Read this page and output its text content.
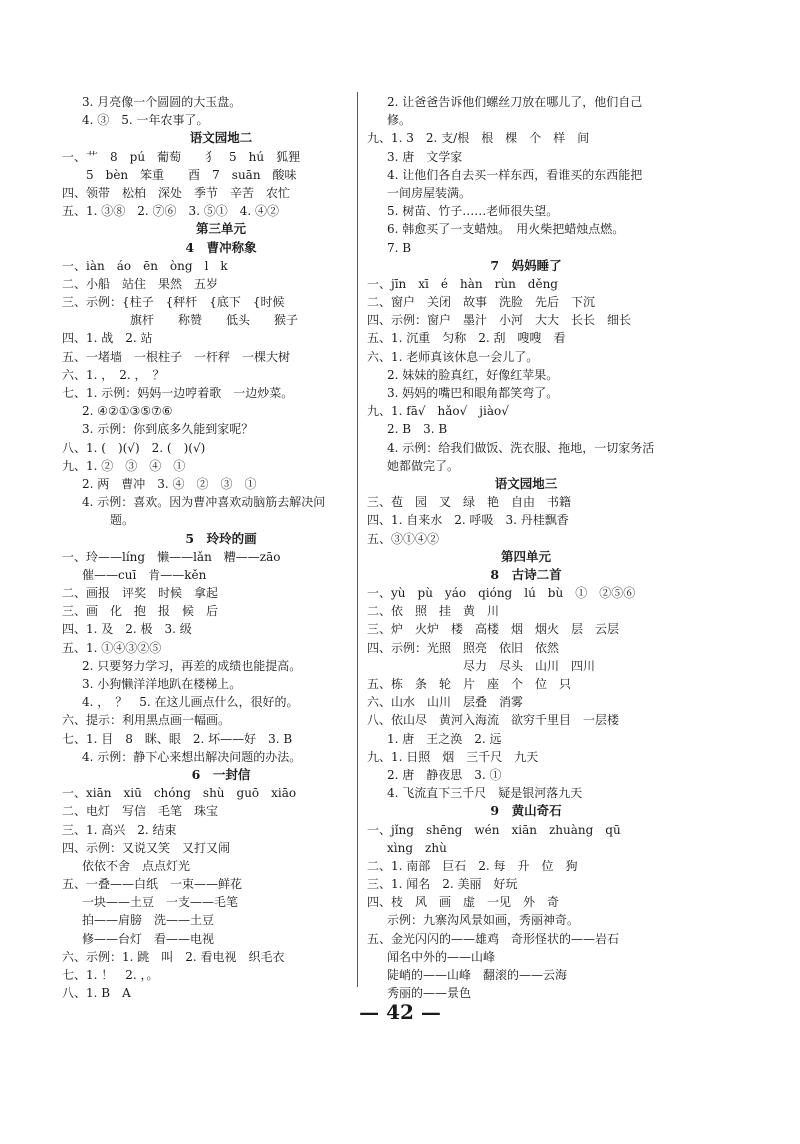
3. 月亮像一个圆圆的大玉盘。
4. ③　5. 一年农事了。
语文园地二
一、艹　8　pú　葡萄　　犭　5　hú　狐狸
　　5　bèn　笨重　　酉　7　suān　酸味
四、领带　松柏　深处　季节　辛苦　农忙
五、1. ③⑧　2. ⑦⑥　3. ⑤①　4. ④②
第三单元
4　曹冲称象
一、iàn　áo　ēn　òng　l　k
二、小船　站住　果然　五岁
三、示例：{柱子　{秤杆　{底下　{时候
旗杆　　称赞　　低头　　猴子
四、1. 战　2. 站
五、一堵墙　一根柱子　一杆秤　一棵大树
六、1. ，　2. ，　？
七、1. 示例：妈妈一边哼着歌　一边炒菜。
2. ④②①③⑤⑦⑥
3. 示例：你到底多久能到家呢？
八、1. (　)(√)　2. (　)(√)
九、1. ②　③　④　①
2. 两　曹冲　3. ④　②　③　①
4. 示例：喜欢。因为曹冲喜欢动脑筋去解决问
题。
5　玲玲的画
一、玲——líng　懒——lǎn　糟——zāo
催——cuī　肯——kěn
二、画报　评奖　时候　拿起
三、画　化　抱　报　候　后
四、1. 及　2. 极　3. 级
五、1. ①④③②⑤
2. 只要努力学习，再差的成绩也能提高。
3. 小狗懒洋洋地趴在楼梯上。
4. ，　？　5. 在这儿画点什么，很好的。
六、提示：利用黑点画一幅画。
七、1. 目　8　眯、眼　2. 坏——好　3. B
4. 示例：静下心来想出解决问题的办法。
6　一封信
一、xiān　xiū　chóng　shù　guō　xiāo
二、电灯　写信　毛笔　珠宝
三、1. 高兴　2. 结束
四、示例：又说又笑　又打又闹
依依不舍　点点灯光
五、一叠——白纸　一束——鲜花
一块——土豆　一支——毛笔
拍——肩膀　洗——土豆
修——台灯　看——电视
六、示例：1. 跳　叫　2. 看电视　织毛衣
七、1. ！　2. ，。
八、1. B　A
2. 让爸爸告诉他们螺丝刀放在哪儿了，他们自己
修。
九、1. 3　2. 支/根　根　棵　个　样　间
3. 唐　文学家
4. 让他们各自去买一样东西，看谁买的东西能把
一间房屋装满。
5. 树苗、竹子……老师很失望。
6. 韩愈买了一支蜡烛。　用火柴把蜡烛点燃。
7. B
7　妈妈睡了
一、jīn　xī　é　hàn　rùn　děng
二、窗户　关闭　故事　洗脸　先后　下沉
四、示例：窗户　墨汁　小河　大大　长长　细长
五、1. 沉重　匀称　2. 刮　嗖嗖　看
六、1. 老师真该休息一会儿了。
2. 妹妹的脸真红，好像红苹果。
3. 妈妈的嘴巴和眼角都笑弯了。
九、1. fā√　hǎo√　jiào√
2. B　3. B
4. 示例：给我们做饭、洗衣服、拖地，一切家务活
她都做完了。
语文园地三
三、苞　园　叉　绿　艳　自由　书籍
四、1. 自来水　2. 呼吸　3. 丹桂飘香
五、③①④②
第四单元
8　古诗二首
一、yù　pù　yáo　qióng　lú　bù　①　②⑤⑥
二、依　照　挂　黄　川
三、炉　火炉　楼　高楼　烟　烟火　层　云层
四、示例：光照　照亮　依旧　依然
尽力　尽头　山川　四川
五、栋　条　轮　片　座　个　位　只
六、山水　山川　层叠　消雾
八、依山尽　黄河入海流　欲穷千里目　一层楼
1. 唐　王之涣　2. 远
九、1. 日照　烟　三千尺　九天
2. 唐　静夜思　3. ①
4. 飞流直下三千尺　疑是银河落九天
9　黄山奇石
一、jǐng　shēng　wén　xiān　zhuàng　qū
xìng　zhù
二、1. 南部　巨石　2. 每　升　位　狗
三、1. 闻名　2. 美丽　好玩
四、枝　风　画　虚　一见　外　奇
示例：九寨沟风景如画，秀丽神奇。
五、金光闪闪的——雄鸡　奇形怪状的——岩石
闻名中外的——山峰
陡峭的——山峰　翻滚的——云海
秀丽的——景色
— 42 —
